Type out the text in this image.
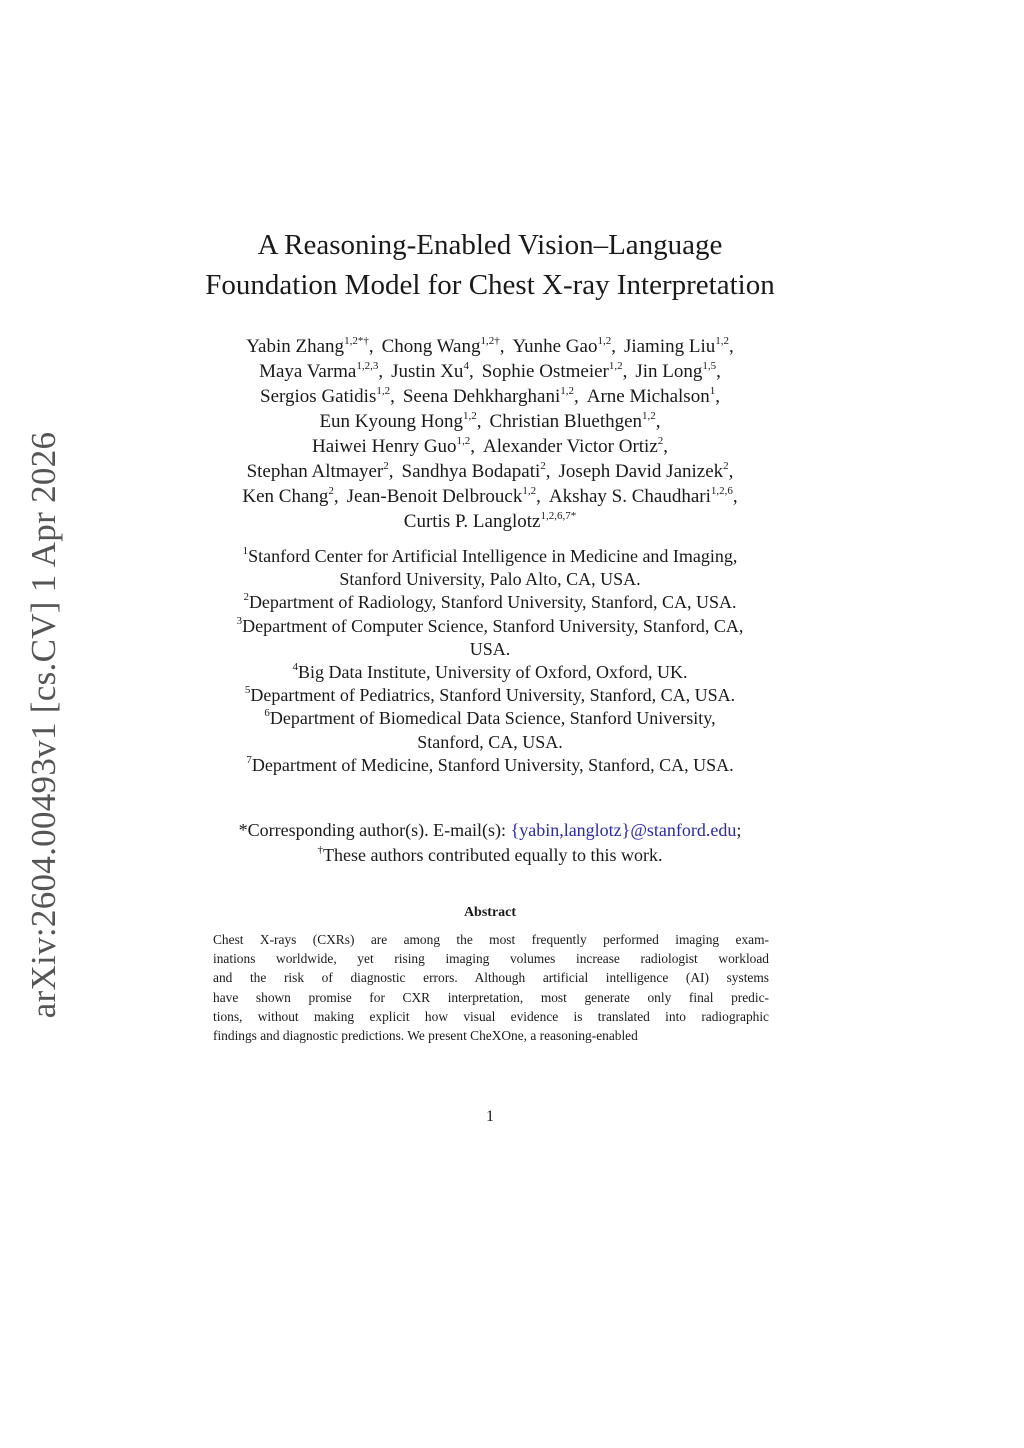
arXiv:2604.00493v1 [cs.CV] 1 Apr 2026
A Reasoning-Enabled Vision–Language
Foundation Model for Chest X-ray Interpretation
Yabin Zhang$^{1,2*\dagger}$, Chong Wang$^{1,2\dagger}$, Yunhe Gao$^{1,2}$, Jiaming Liu$^{1,2}$,
Maya Varma$^{1,2,3}$, Justin Xu$^4$, Sophie Ostmeier$^{1,2}$, Jin Long$^{1,5}$,
Sergios Gatidis$^{1,2}$, Seena Dehkharghani$^{1,2}$, Arne Michalson$^1$,
Eun Kyoung Hong$^{1,2}$, Christian Bluethgen$^{1,2}$,
Haiwei Henry Guo$^{1,2}$, Alexander Victor Ortiz$^2$,
Stephan Altmayer$^2$, Sandhya Bodapati$^2$, Joseph David Janizek$^2$,
Ken Chang$^2$, Jean-Benoit Delbrouck$^{1,2}$, Akshay S. Chaudhari$^{1,2,6}$,
Curtis P. Langlotz$^{1,2,6,7*}$
$^1$Stanford Center for Artificial Intelligence in Medicine and Imaging,
Stanford University, Palo Alto, CA, USA.
$^2$Department of Radiology, Stanford University, Stanford, CA, USA.
$^3$Department of Computer Science, Stanford University, Stanford, CA,
USA.
$^4$Big Data Institute, University of Oxford, Oxford, UK.
$^5$Department of Pediatrics, Stanford University, Stanford, CA, USA.
$^6$Department of Biomedical Data Science, Stanford University,
Stanford, CA, USA.
$^7$Department of Medicine, Stanford University, Stanford, CA, USA.
*Corresponding author(s). E-mail(s): {yabin,langlotz}@stanford.edu;
†These authors contributed equally to this work.
Abstract
Chest X-rays (CXRs) are among the most frequently performed imaging exam-
inations worldwide, yet rising imaging volumes increase radiologist workload
and the risk of diagnostic errors. Although artificial intelligence (AI) systems
have shown promise for CXR interpretation, most generate only final predic-
tions, without making explicit how visual evidence is translated into radiographic
findings and diagnostic predictions. We present CheXOne, a reasoning-enabled
1
